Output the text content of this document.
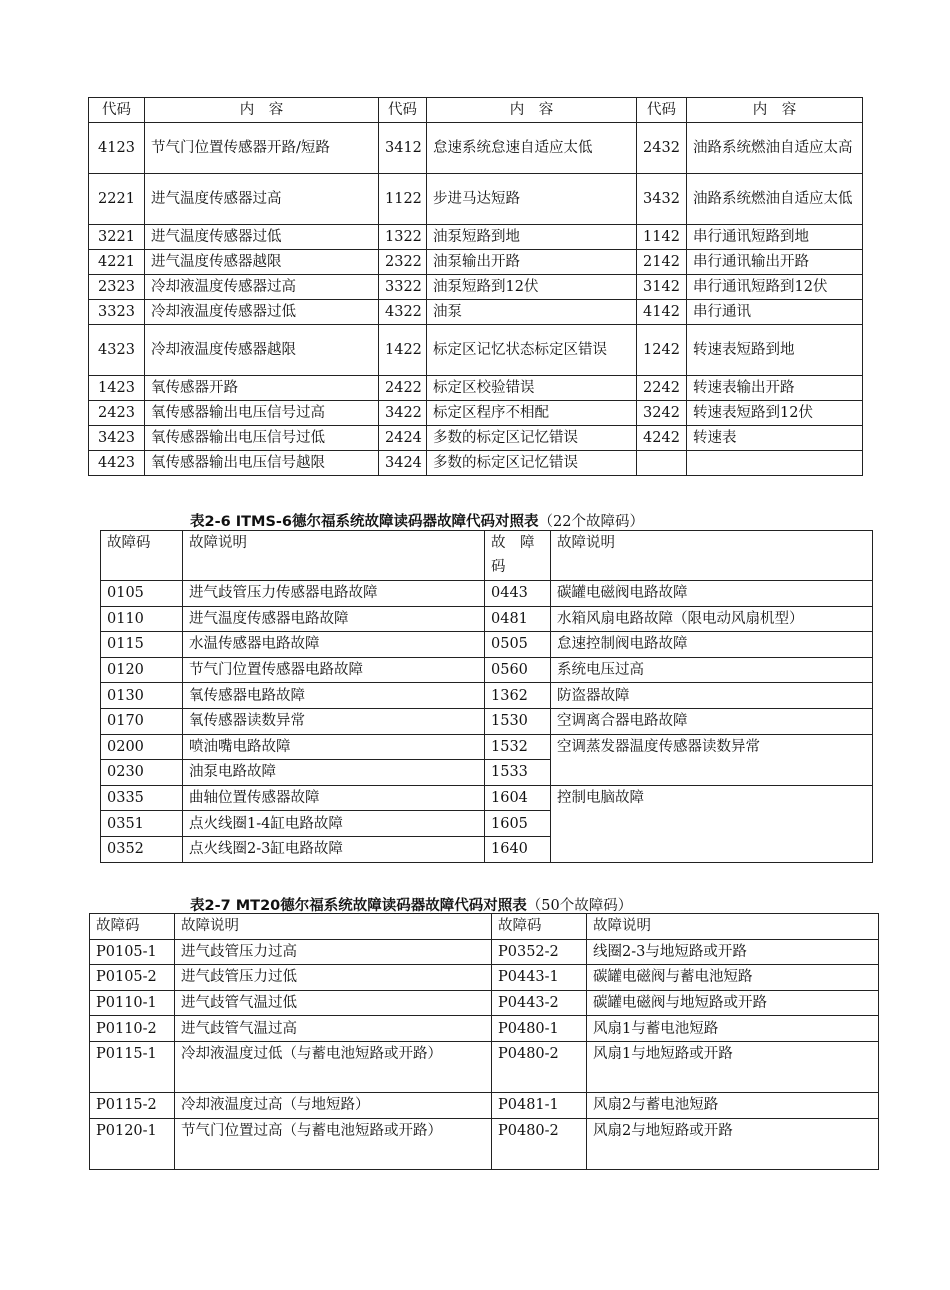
代码	内　容	代码	内　容	代码	内　容
4123	节气门位置传感器开路/短路	3412	怠速系统怠速自适应太低	2432	油路系统燃油自适应太高
2221	进气温度传感器过高	1122	步进马达短路	3432	油路系统燃油自适应太低
3221	进气温度传感器过低	1322	油泵短路到地	1142	串行通讯短路到地
4221	进气温度传感器越限	2322	油泵输出开路	2142	串行通讯输出开路
2323	冷却液温度传感器过高	3322	油泵短路到12伏	3142	串行通讯短路到12伏
3323	冷却液温度传感器过低	4322	油泵	4142	串行通讯
4323	冷却液温度传感器越限	1422	标定区记忆状态标定区错误	1242	转速表短路到地
1423	氧传感器开路	2422	标定区校验错误	2242	转速表输出开路
2423	氧传感器输出电压信号过高	3422	标定区程序不相配	3242	转速表短路到12伏
3423	氧传感器输出电压信号过低	2424	多数的标定区记忆错误	4242	转速表
4423	氧传感器输出电压信号越限	3424	多数的标定区记忆错误		
表2-6 ITMS-6德尔福系统故障读码器故障代码对照表（22个故障码）
故障码	故障说明	故　障码	故障说明
0105	进气歧管压力传感器电路故障	0443	碳罐电磁阀电路故障
0110	进气温度传感器电路故障	0481	水箱风扇电路故障（限电动风扇机型）
0115	水温传感器电路故障	0505	怠速控制阀电路故障
0120	节气门位置传感器电路故障	0560	系统电压过高
0130	氧传感器电路故障	1362	防盗器故障
0170	氧传感器读数异常	1530	空调离合器电路故障
0200	喷油嘴电路故障	1532	空调蒸发器温度传感器读数异常
0230	油泵电路故障	1533	
0335	曲轴位置传感器故障	1604	控制电脑故障
0351	点火线圈1-4缸电路故障	1605	
0352	点火线圈2-3缸电路故障	1640	
表2-7 MT20德尔福系统故障读码器故障代码对照表（50个故障码）
故障码	故障说明	故障码	故障说明
P0105-1	进气歧管压力过高	P0352-2	线圈2-3与地短路或开路
P0105-2	进气歧管压力过低	P0443-1	碳罐电磁阀与蓄电池短路
P0110-1	进气歧管气温过低	P0443-2	碳罐电磁阀与地短路或开路
P0110-2	进气歧管气温过高	P0480-1	风扇1与蓄电池短路
P0115-1	冷却液温度过低（与蓄电池短路或开路）	P0480-2	风扇1与地短路或开路
P0115-2	冷却液温度过高（与地短路）	P0481-1	风扇2与蓄电池短路
P0120-1	节气门位置过高（与蓄电池短路或开路）	P0480-2	风扇2与地短路或开路
